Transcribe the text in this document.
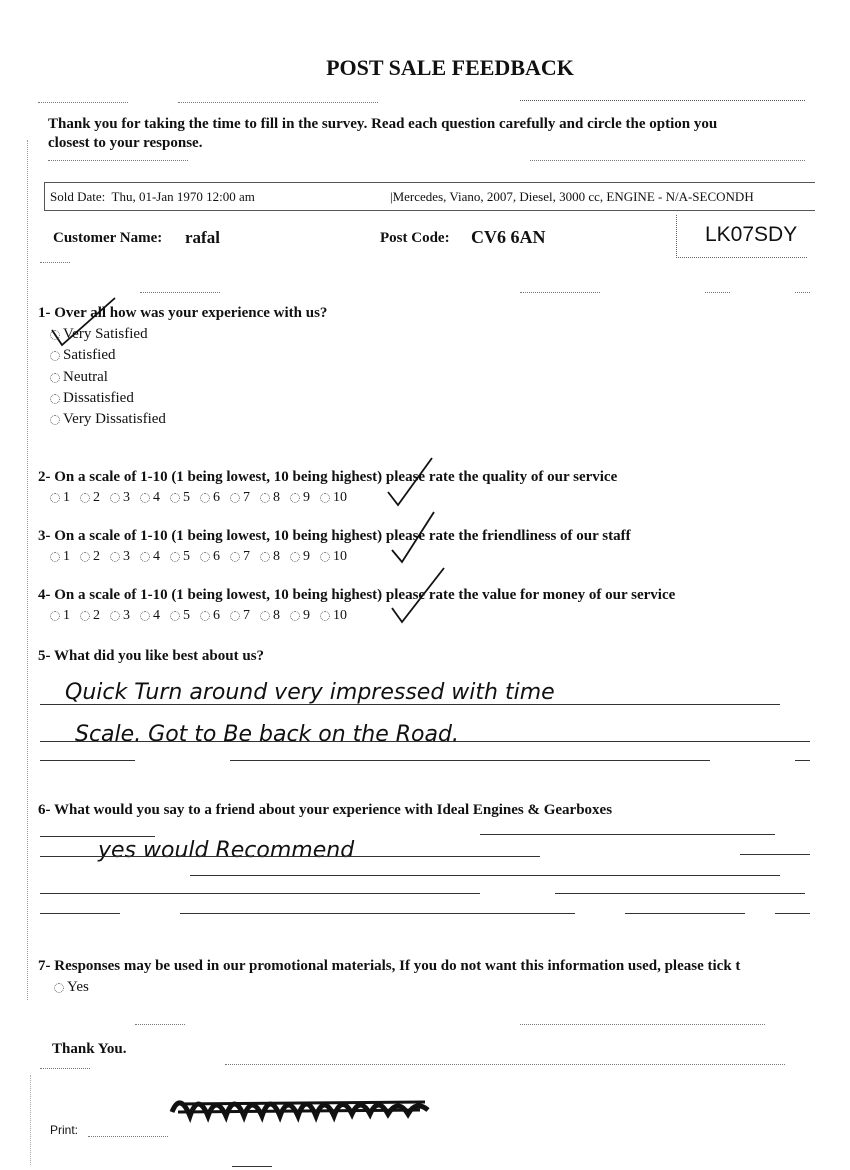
POST SALE FEEDBACK
Thank you for taking the time to fill in the survey. Read each question carefully and circle the option you
closest to your response.
Sold Date: Thu, 01-Jan 1970 12:00 am	|Mercedes, Viano, 2007, Diesel, 3000 cc, ENGINE - N/A-SECONDH
Customer Name: rafal	Post Code: CV6 6AN	LK07SDY
1- Over all how was your experience with us?
Very Satisfied
Satisfied
Neutral
Dissatisfied
Very Dissatisfied
2- On a scale of 1-10 (1 being lowest, 10 being highest) please rate the quality of our service
1 2 3 4 5 6 7 8 9 10
3- On a scale of 1-10 (1 being lowest, 10 being highest) please rate the friendliness of our staff
1 2 3 4 5 6 7 8 9 10
4- On a scale of 1-10 (1 being lowest, 10 being highest) please rate the value for money of our service
1 2 3 4 5 6 7 8 9 10
5- What did you like best about us?
Quick Turn around very impressed with time
Scale. Got to Be back on the Road.
6- What would you say to a friend about your experience with Ideal Engines & Gearboxes
yes would Recommend
7- Responses may be used in our promotional materials, If you do not want this information used, please tick t
Yes
Thank You.
Print:
